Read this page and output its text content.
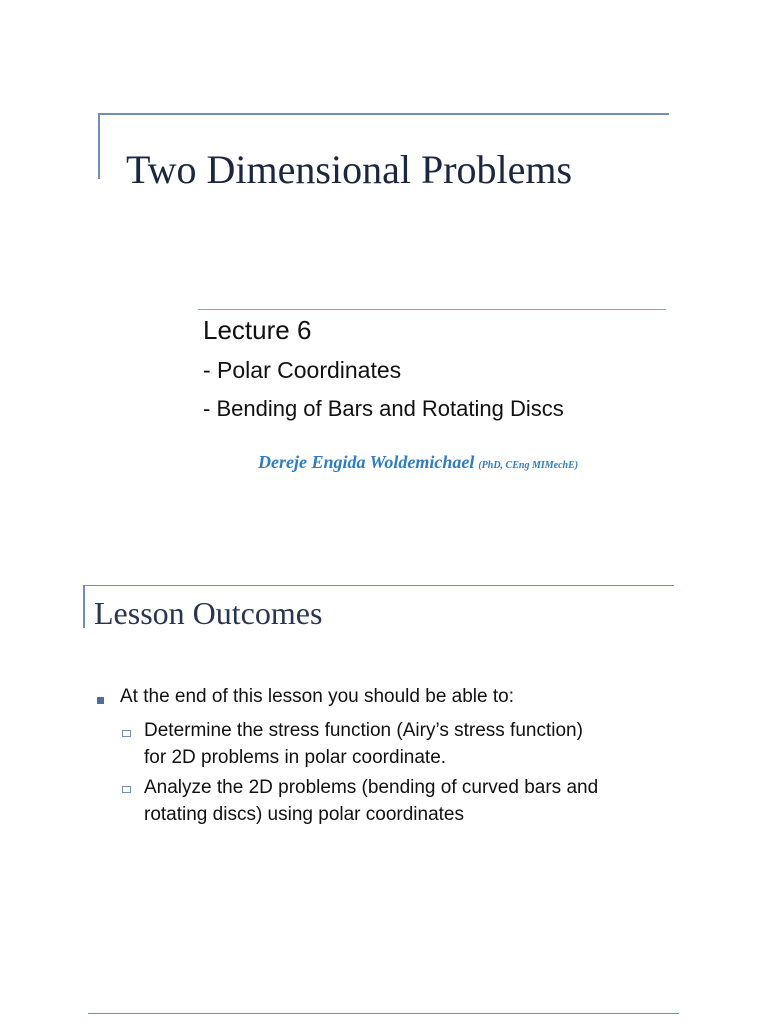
Two Dimensional Problems
Lecture 6
- Polar Coordinates
- Bending of Bars and Rotating Discs
Dereje Engida Woldemichael (PhD, CEng MIMechE)
Lesson Outcomes
At the end of this lesson you should be able to:
Determine the stress function (Airy’s stress function)
for 2D problems in polar coordinate.
Analyze the 2D problems (bending of curved bars and
rotating discs) using polar coordinates
